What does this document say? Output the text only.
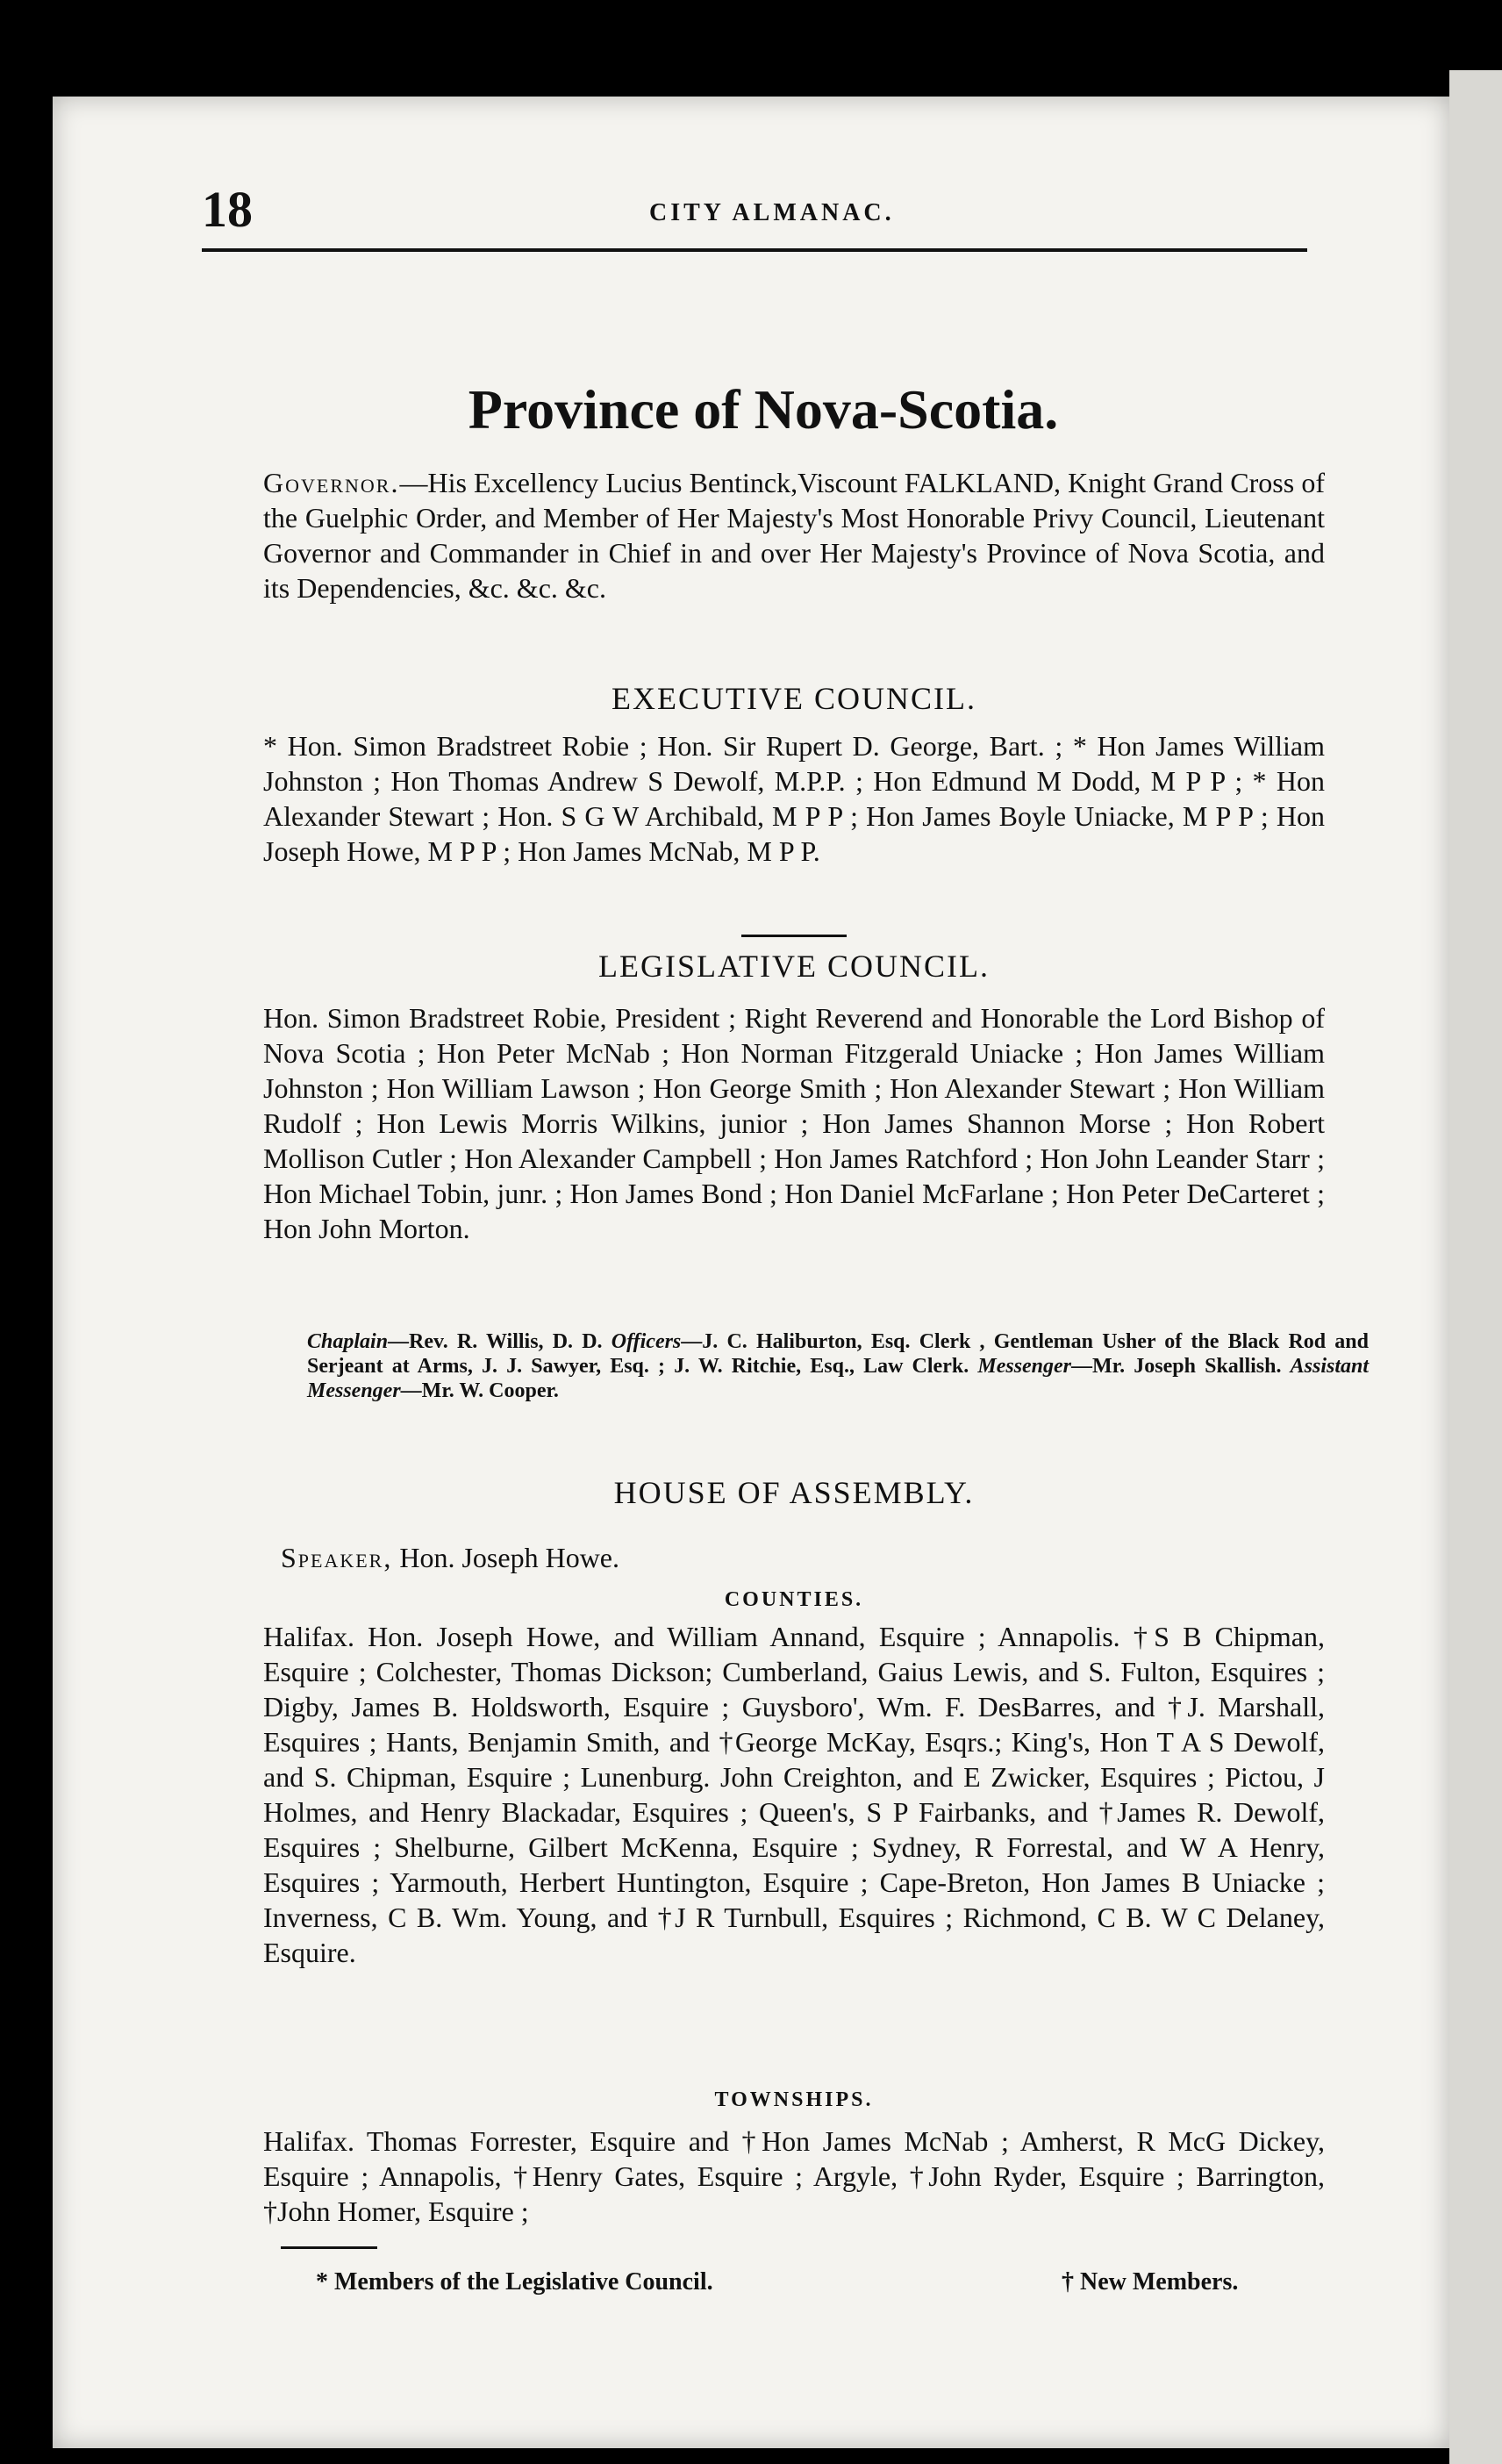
18	CITY ALMANAC.
Province of Nova-Scotia.
Governor.—His Excellency Lucius Bentinck,Viscount FALKLAND, Knight Grand Cross of the Guelphic Order, and Member of Her Majesty's Most Honorable Privy Council, Lieutenant Governor and Commander in Chief in and over Her Majesty's Province of Nova Scotia, and its Dependencies, &c. &c. &c.
EXECUTIVE COUNCIL.
* Hon. Simon Bradstreet Robie ; Hon. Sir Rupert D. George, Bart. ; * Hon James William Johnston ; Hon Thomas Andrew S Dewolf, M.P.P. ; Hon Edmund M Dodd, M P P ; * Hon Alexander Stewart ; Hon. S G W Archibald, M P P ; Hon James Boyle Uniacke, M P P ; Hon Joseph Howe, M P P ; Hon James McNab, M P P.
LEGISLATIVE COUNCIL.
Hon. Simon Bradstreet Robie, President ; Right Reverend and Honorable the Lord Bishop of Nova Scotia ; Hon Peter McNab ; Hon Norman Fitzgerald Uniacke ; Hon James William Johnston ; Hon William Lawson ; Hon George Smith ; Hon Alexander Stewart ; Hon William Rudolf ; Hon Lewis Morris Wilkins, junior ; Hon James Shannon Morse ; Hon Robert Mollison Cutler ; Hon Alexander Campbell ; Hon James Ratchford ; Hon John Leander Starr ; Hon Michael Tobin, junr. ; Hon James Bond ; Hon Daniel McFarlane ; Hon Peter DeCarteret ; Hon John Morton.
Chaplain—Rev. R. Willis, D. D. Officers—J. C. Haliburton, Esq. Clerk , Gentleman Usher of the Black Rod and Serjeant at Arms, J. J. Sawyer, Esq. ; J. W. Ritchie, Esq., Law Clerk. Messenger—Mr. Joseph Skallish. Assistant Messenger—Mr. W. Cooper.
HOUSE OF ASSEMBLY.
Speaker, Hon. Joseph Howe.
COUNTIES.
Halifax. Hon. Joseph Howe, and William Annand, Esquire ; Annapolis. †S B Chipman, Esquire ; Colchester, Thomas Dickson; Cumberland, Gaius Lewis, and S. Fulton, Esquires ; Digby, James B. Holdsworth, Esquire ; Guysboro', Wm. F. DesBarres, and †J. Marshall, Esquires ; Hants, Benjamin Smith, and †George McKay, Esqrs.; King's, Hon T A S Dewolf, and S. Chipman, Esquire ; Lunenburg. John Creighton, and E Zwicker, Esquires ; Pictou, J Holmes, and Henry Blackadar, Esquires ; Queen's, S P Fairbanks, and †James R. Dewolf, Esquires ; Shelburne, Gilbert McKenna, Esquire ; Sydney, R Forrestal, and W A Henry, Esquires ; Yarmouth, Herbert Huntington, Esquire ; Cape-Breton, Hon James B Uniacke ; Inverness, C B. Wm. Young, and †J R Turnbull, Esquires ; Richmond, C B. W C Delaney, Esquire.
TOWNSHIPS.
Halifax. Thomas Forrester, Esquire and †Hon James McNab ; Amherst, R McG Dickey, Esquire ; Annapolis, †Henry Gates, Esquire ; Argyle, †John Ryder, Esquire ; Barrington, †John Homer, Esquire ;
* Members of the Legislative Council.	† New Members.
